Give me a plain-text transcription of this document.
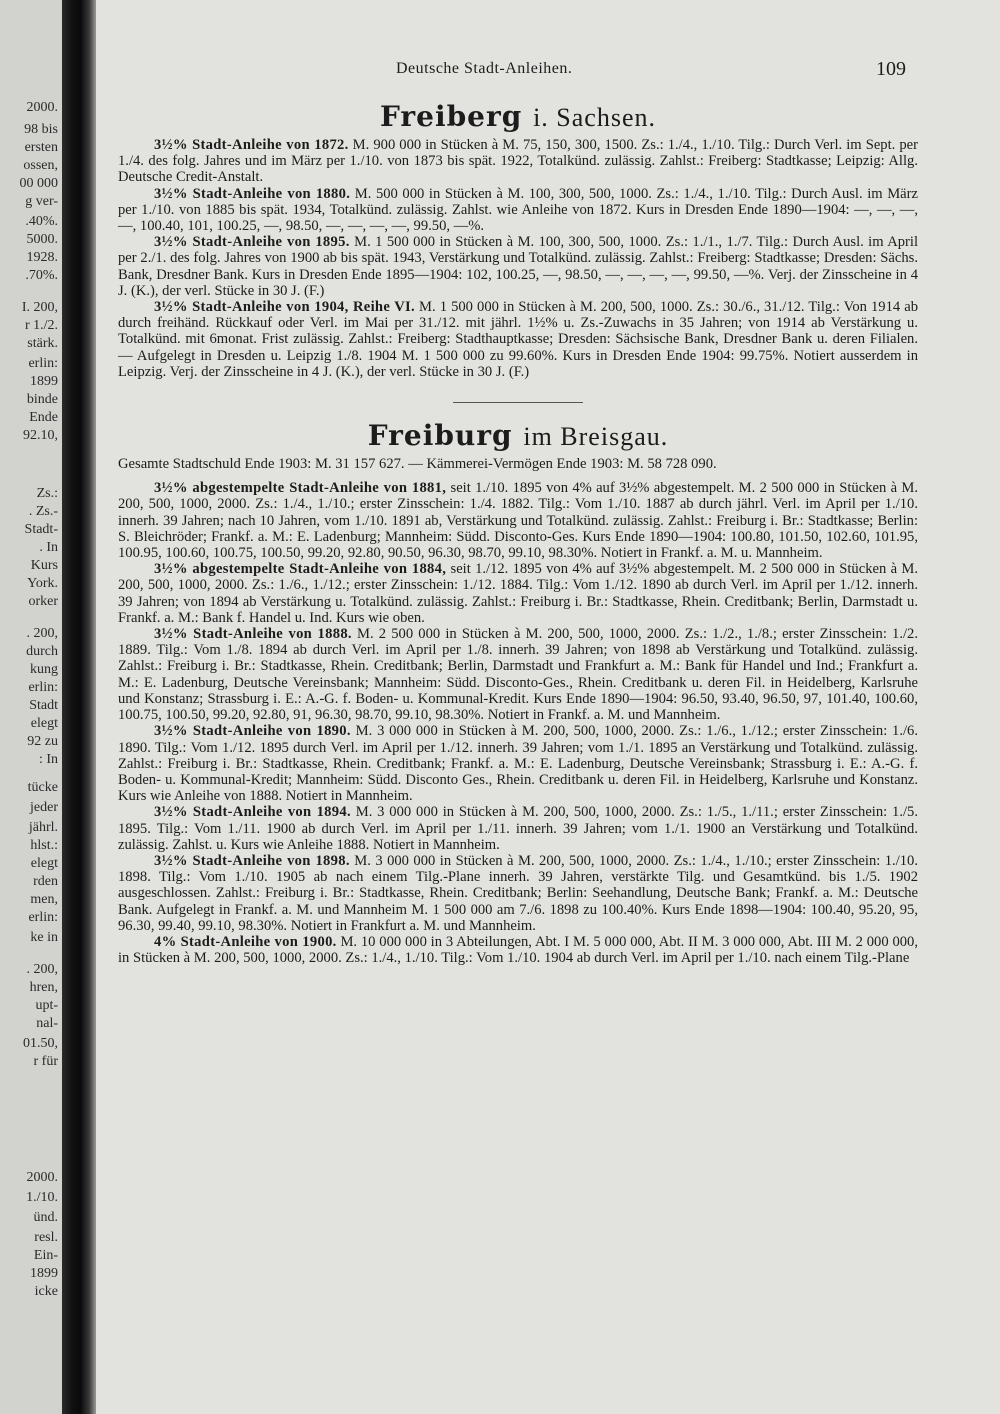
2000.
98 bis
ersten
ossen,
00 000
g ver-
.40%.
5000.
1928.
.70%.
I. 200,
r 1./2.
stärk.
erlin:
1899
binde
Ende
92.10,
Zs.:
. Zs.-
Stadt-
. In
Kurs
York.
orker
. 200,
durch
kung
erlin:
Stadt
elegt
92 zu
: In
tücke
jeder
jährl.
hlst.:
elegt
rden
men,
erlin:
ke in
. 200,
hren,
upt-
nal-
01.50,
r für
2000.
1./10.
ünd.
resl.
Ein-
1899
icke
Deutsche Stadt-Anleihen.	109
Freiberg i. Sachsen.

3½% Stadt-Anleihe von 1872. M. 900 000 in Stücken à M. 75, 150, 300, 1500. Zs.: 1./4., 1./10. Tilg.: Durch Verl. im Sept. per 1./4. des folg. Jahres und im März per 1./10. von 1873 bis spät. 1922, Totalkünd. zulässig. Zahlst.: Freiberg: Stadtkasse; Leipzig: Allg. Deutsche Credit-Anstalt.

3½% Stadt-Anleihe von 1880. M. 500 000 in Stücken à M. 100, 300, 500, 1000. Zs.: 1./4., 1./10. Tilg.: Durch Ausl. im März per 1./10. von 1885 bis spät. 1934, Totalkünd. zulässig. Zahlst. wie Anleihe von 1872. Kurs in Dresden Ende 1890—1904: —, —, —, —, 100.40, 101, 100.25, —, 98.50, —, —, —, —, 99.50, —%.

3½% Stadt-Anleihe von 1895. M. 1 500 000 in Stücken à M. 100, 300, 500, 1000. Zs.: 1./1., 1./7. Tilg.: Durch Ausl. im April per 2./1. des folg. Jahres von 1900 ab bis spät. 1943, Verstärkung und Totalkünd. zulässig. Zahlst.: Freiberg: Stadtkasse; Dresden: Sächs. Bank, Dresdner Bank. Kurs in Dresden Ende 1895—1904: 102, 100.25, —, 98.50, —, —, —, —, 99.50, —%. Verj. der Zinsscheine in 4 J. (K.), der verl. Stücke in 30 J. (F.)

3½% Stadt-Anleihe von 1904, Reihe VI. M. 1 500 000 in Stücken à M. 200, 500, 1000. Zs.: 30./6., 31./12. Tilg.: Von 1914 ab durch freihänd. Rückkauf oder Verl. im Mai per 31./12. mit jährl. 1½% u. Zs.-Zuwachs in 35 Jahren; von 1914 ab Verstärkung u. Totalkünd. mit 6monat. Frist zulässig. Zahlst.: Freiberg: Stadthauptkasse; Dresden: Sächsische Bank, Dresdner Bank u. deren Filialen. — Aufgelegt in Dresden u. Leipzig 1./8. 1904 M. 1 500 000 zu 99.60%. Kurs in Dresden Ende 1904: 99.75%. Notiert ausserdem in Leipzig. Verj. der Zinsscheine in 4 J. (K.), der verl. Stücke in 30 J. (F.)

Freiburg im Breisgau.
Gesamte Stadtschuld Ende 1903: M. 31 157 627. — Kämmerei-Vermögen Ende 1903: M. 58 728 090.

3½% abgestempelte Stadt-Anleihe von 1881, seit 1./10. 1895 von 4% auf 3½% abgestempelt. M. 2 500 000 in Stücken à M. 200, 500, 1000, 2000. Zs.: 1./4., 1./10.; erster Zinsschein: 1./4. 1882. Tilg.: Vom 1./10. 1887 ab durch jährl. Verl. im April per 1./10. innerh. 39 Jahren; nach 10 Jahren, vom 1./10. 1891 ab, Verstärkung und Totalkünd. zulässig. Zahlst.: Freiburg i. Br.: Stadtkasse; Berlin: S. Bleichröder; Frankf. a. M.: E. Ladenburg; Mannheim: Südd. Disconto-Ges. Kurs Ende 1890—1904: 100.80, 101.50, 102.60, 101.95, 100.95, 100.60, 100.75, 100.50, 99.20, 92.80, 90.50, 96.30, 98.70, 99.10, 98.30%. Notiert in Frankf. a. M. u. Mannheim.

3½% abgestempelte Stadt-Anleihe von 1884, seit 1./12. 1895 von 4% auf 3½% abgestempelt. M. 2 500 000 in Stücken à M. 200, 500, 1000, 2000. Zs.: 1./6., 1./12.; erster Zinsschein: 1./12. 1884. Tilg.: Vom 1./12. 1890 ab durch Verl. im April per 1./12. innerh. 39 Jahren; von 1894 ab Verstärkung u. Totalkünd. zulässig. Zahlst.: Freiburg i. Br.: Stadtkasse, Rhein. Creditbank; Berlin, Darmstadt u. Frankf. a. M.: Bank f. Handel u. Ind. Kurs wie oben.

3½% Stadt-Anleihe von 1888. M. 2 500 000 in Stücken à M. 200, 500, 1000, 2000. Zs.: 1./2., 1./8.; erster Zinsschein: 1./2. 1889. Tilg.: Vom 1./8. 1894 ab durch Verl. im April per 1./8. innerh. 39 Jahren; von 1898 ab Verstärkung und Totalkünd. zulässig. Zahlst.: Freiburg i. Br.: Stadtkasse, Rhein. Creditbank; Berlin, Darmstadt und Frankfurt a. M.: Bank für Handel und Ind.; Frankfurt a. M.: E. Ladenburg, Deutsche Vereinsbank; Mannheim: Südd. Disconto-Ges., Rhein. Creditbank u. deren Fil. in Heidelberg, Karlsruhe und Konstanz; Strassburg i. E.: A.-G. f. Boden- u. Kommunal-Kredit. Kurs Ende 1890—1904: 96.50, 93.40, 96.50, 97, 101.40, 100.60, 100.75, 100.50, 99.20, 92.80, 91, 96.30, 98.70, 99.10, 98.30%. Notiert in Frankf. a. M. und Mannheim.

3½% Stadt-Anleihe von 1890. M. 3 000 000 in Stücken à M. 200, 500, 1000, 2000. Zs.: 1./6., 1./12.; erster Zinsschein: 1./6. 1890. Tilg.: Vom 1./12. 1895 durch Verl. im April per 1./12. innerh. 39 Jahren; vom 1./1. 1895 an Verstärkung und Totalkünd. zulässig. Zahlst.: Freiburg i. Br.: Stadtkasse, Rhein. Creditbank; Frankf. a. M.: E. Ladenburg, Deutsche Vereinsbank; Strassburg i. E.: A.-G. f. Boden- u. Kommunal-Kredit; Mannheim: Südd. Disconto Ges., Rhein. Creditbank u. deren Fil. in Heidelberg, Karlsruhe und Konstanz. Kurs wie Anleihe von 1888. Notiert in Mannheim.

3½% Stadt-Anleihe von 1894. M. 3 000 000 in Stücken à M. 200, 500, 1000, 2000. Zs.: 1./5., 1./11.; erster Zinsschein: 1./5. 1895. Tilg.: Vom 1./11. 1900 ab durch Verl. im April per 1./11. innerh. 39 Jahren; vom 1./1. 1900 an Verstärkung und Totalkünd. zulässig. Zahlst. u. Kurs wie Anleihe 1888. Notiert in Mannheim.

3½% Stadt-Anleihe von 1898. M. 3 000 000 in Stücken à M. 200, 500, 1000, 2000. Zs.: 1./4., 1./10.; erster Zinsschein: 1./10. 1898. Tilg.: Vom 1./10. 1905 ab nach einem Tilg.-Plane innerh. 39 Jahren, verstärkte Tilg. und Gesamtkünd. bis 1./5. 1902 ausgeschlossen. Zahlst.: Freiburg i. Br.: Stadtkasse, Rhein. Creditbank; Berlin: Seehandlung, Deutsche Bank; Frankf. a. M.: Deutsche Bank. Aufgelegt in Frankf. a. M. und Mannheim M. 1 500 000 am 7./6. 1898 zu 100.40%. Kurs Ende 1898—1904: 100.40, 95.20, 95, 96.30, 99.40, 99.10, 98.30%. Notiert in Frankfurt a. M. und Mannheim.

4% Stadt-Anleihe von 1900. M. 10 000 000 in 3 Abteilungen, Abt. I M. 5 000 000, Abt. II M. 3 000 000, Abt. III M. 2 000 000, in Stücken à M. 200, 500, 1000, 2000. Zs.: 1./4., 1./10. Tilg.: Vom 1./10. 1904 ab durch Verl. im April per 1./10. nach einem Tilg.-Plane
